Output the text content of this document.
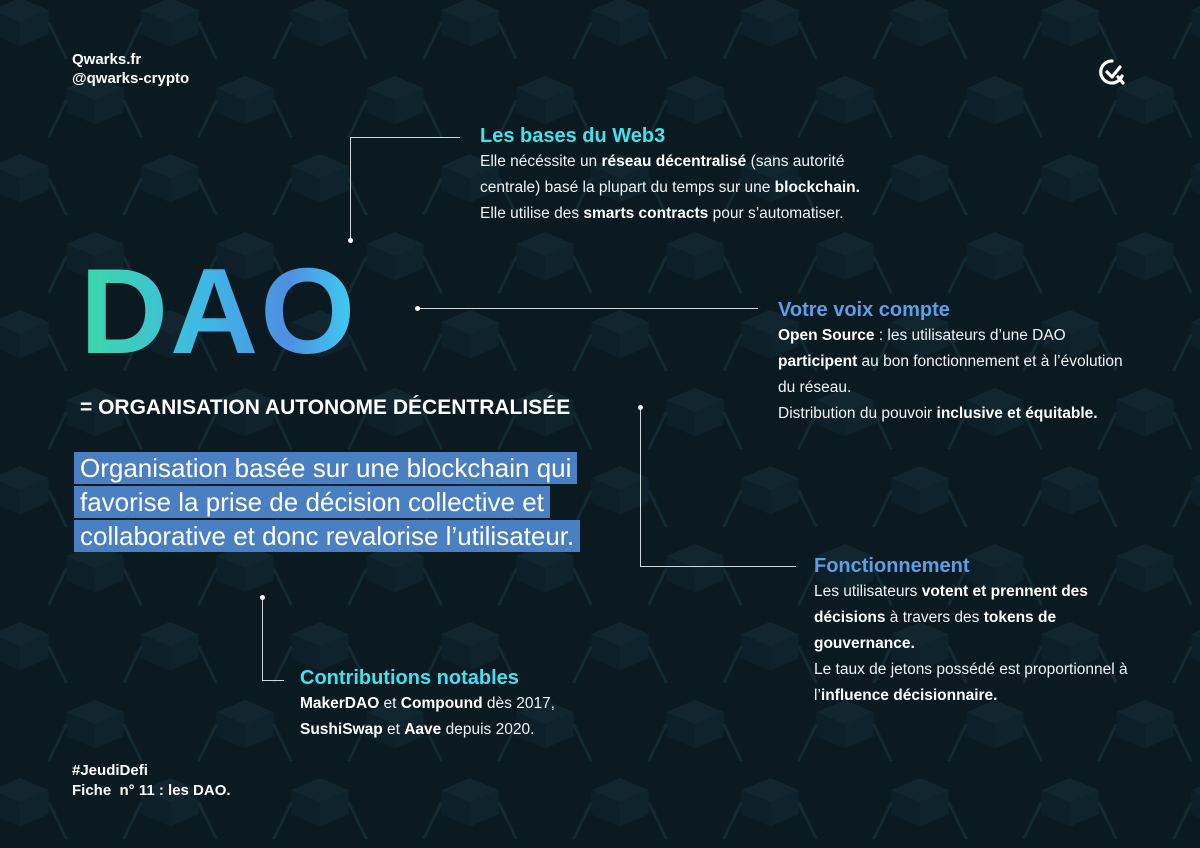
Qwarks.fr
@qwarks-crypto
Les bases du Web3
Elle nécéssite un réseau décentralisé (sans autorité
centrale) basé la plupart du temps sur une blockchain.
Elle utilise des smarts contracts pour s’automatiser.
DAO
= ORGANISATION AUTONOME DÉCENTRALISÉE
Organisation basée sur une blockchain qui favorise la prise de décision collective et collaborative et donc revalorise l’utilisateur.
Votre voix compte
Open Source : les utilisateurs d’une DAO participent au bon fonctionnement et à l’évolution du réseau.
Distribution du pouvoir inclusive et équitable.
Fonctionnement
Les utilisateurs votent et prennent des décisions à travers des tokens de gouvernance.
Le taux de jetons possédé est proportionnel à l’influence décisionnaire.
Contributions notables
MakerDAO et Compound dès 2017,
SushiSwap et Aave depuis 2020.
#JeudiDefi
Fiche  n° 11 : les DAO.
